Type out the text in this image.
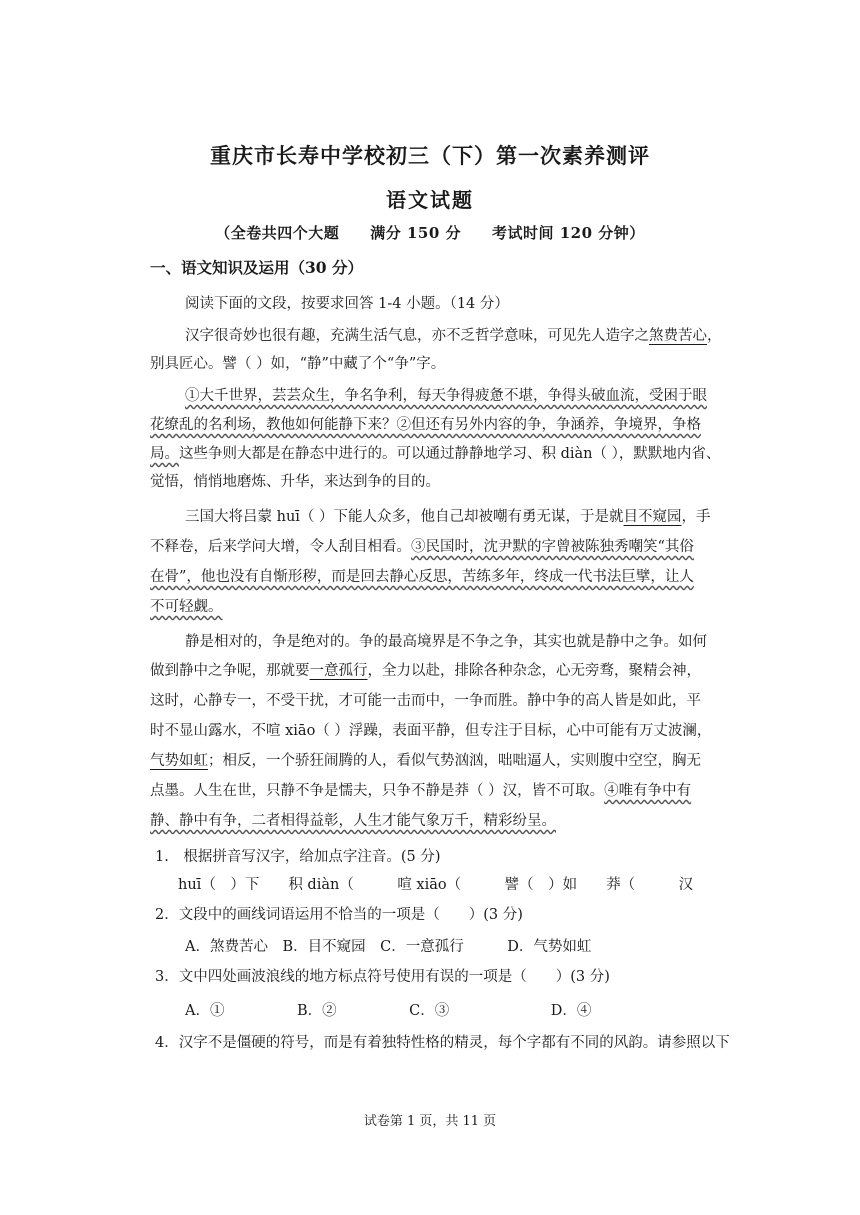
重庆市长寿中学校初三（下）第一次素养测评
语文试题
（全卷共四个大题　　满分 150 分　　考试时间 120 分钟）
一、语文知识及运用（30 分）
阅读下面的文段，按要求回答 1-4 小题。（14 分）
汉字很奇妙也很有趣，充满生活气息，亦不乏哲学意味，可见先人造字之煞费苦心，
别具匠心。譬（ ）如，“静”中藏了个“争”字。
①大千世界，芸芸众生，争名争利，每天争得疲惫不堪，争得头破血流，受困于眼
花缭乱的名利场，教他如何能静下来？②但还有另外内容的争，争涵养，争境界，争格
局。这些争则大都是在静态中进行的。可以通过静静地学习、积 diàn（ ），默默地内省、
觉悟，悄悄地磨炼、升华，来达到争的目的。
三国大将吕蒙 huī（ ）下能人众多，他自己却被嘲有勇无谋，于是就目不窥园，手
不释卷，后来学问大增，令人刮目相看。③民国时，沈尹默的字曾被陈独秀嘲笑“其俗
在骨”，他也没有自惭形秽，而是回去静心反思，苦练多年，终成一代书法巨擘，让人
不可轻觑。
静是相对的，争是绝对的。争的最高境界是不争之争，其实也就是静中之争。如何
做到静中之争呢，那就要一意孤行，全力以赴，排除各种杂念，心无旁骛，聚精会神，
这时，心静专一，不受干扰，才可能一击而中，一争而胜。静中争的高人皆是如此，平
时不显山露水，不喧 xiāo（ ）浮躁，表面平静，但专注于目标，心中可能有万丈波澜，
气势如虹；相反，一个骄狂闹腾的人，看似气势汹汹，咄咄逼人，实则腹中空空，胸无
点墨。人生在世，只静不争是懦夫，只争不静是莽（ ）汉，皆不可取。④唯有争中有
静、静中有争，二者相得益彰，人生才能气象万千，精彩纷呈。
1.　根据拼音写汉字，给加点字注音。(5 分)
huī（　）下　　积 diàn（　　　喧 xiāo（　　　譬（　）如　　莽（　　　汉
2．文段中的画线词语运用不恰当的一项是（　　）(3 分)
A．煞费苦心　B．目不窥园　C．一意孤行　　　D．气势如虹
3．文中四处画波浪线的地方标点符号使用有误的一项是（　　）(3 分)
A．①　　　　　B．②　　　　　C．③　　　　　　　D．④
4．汉字不是僵硬的符号，而是有着独特性格的精灵，每个字都有不同的风韵。请参照以下
试卷第 1 页，共 11 页
